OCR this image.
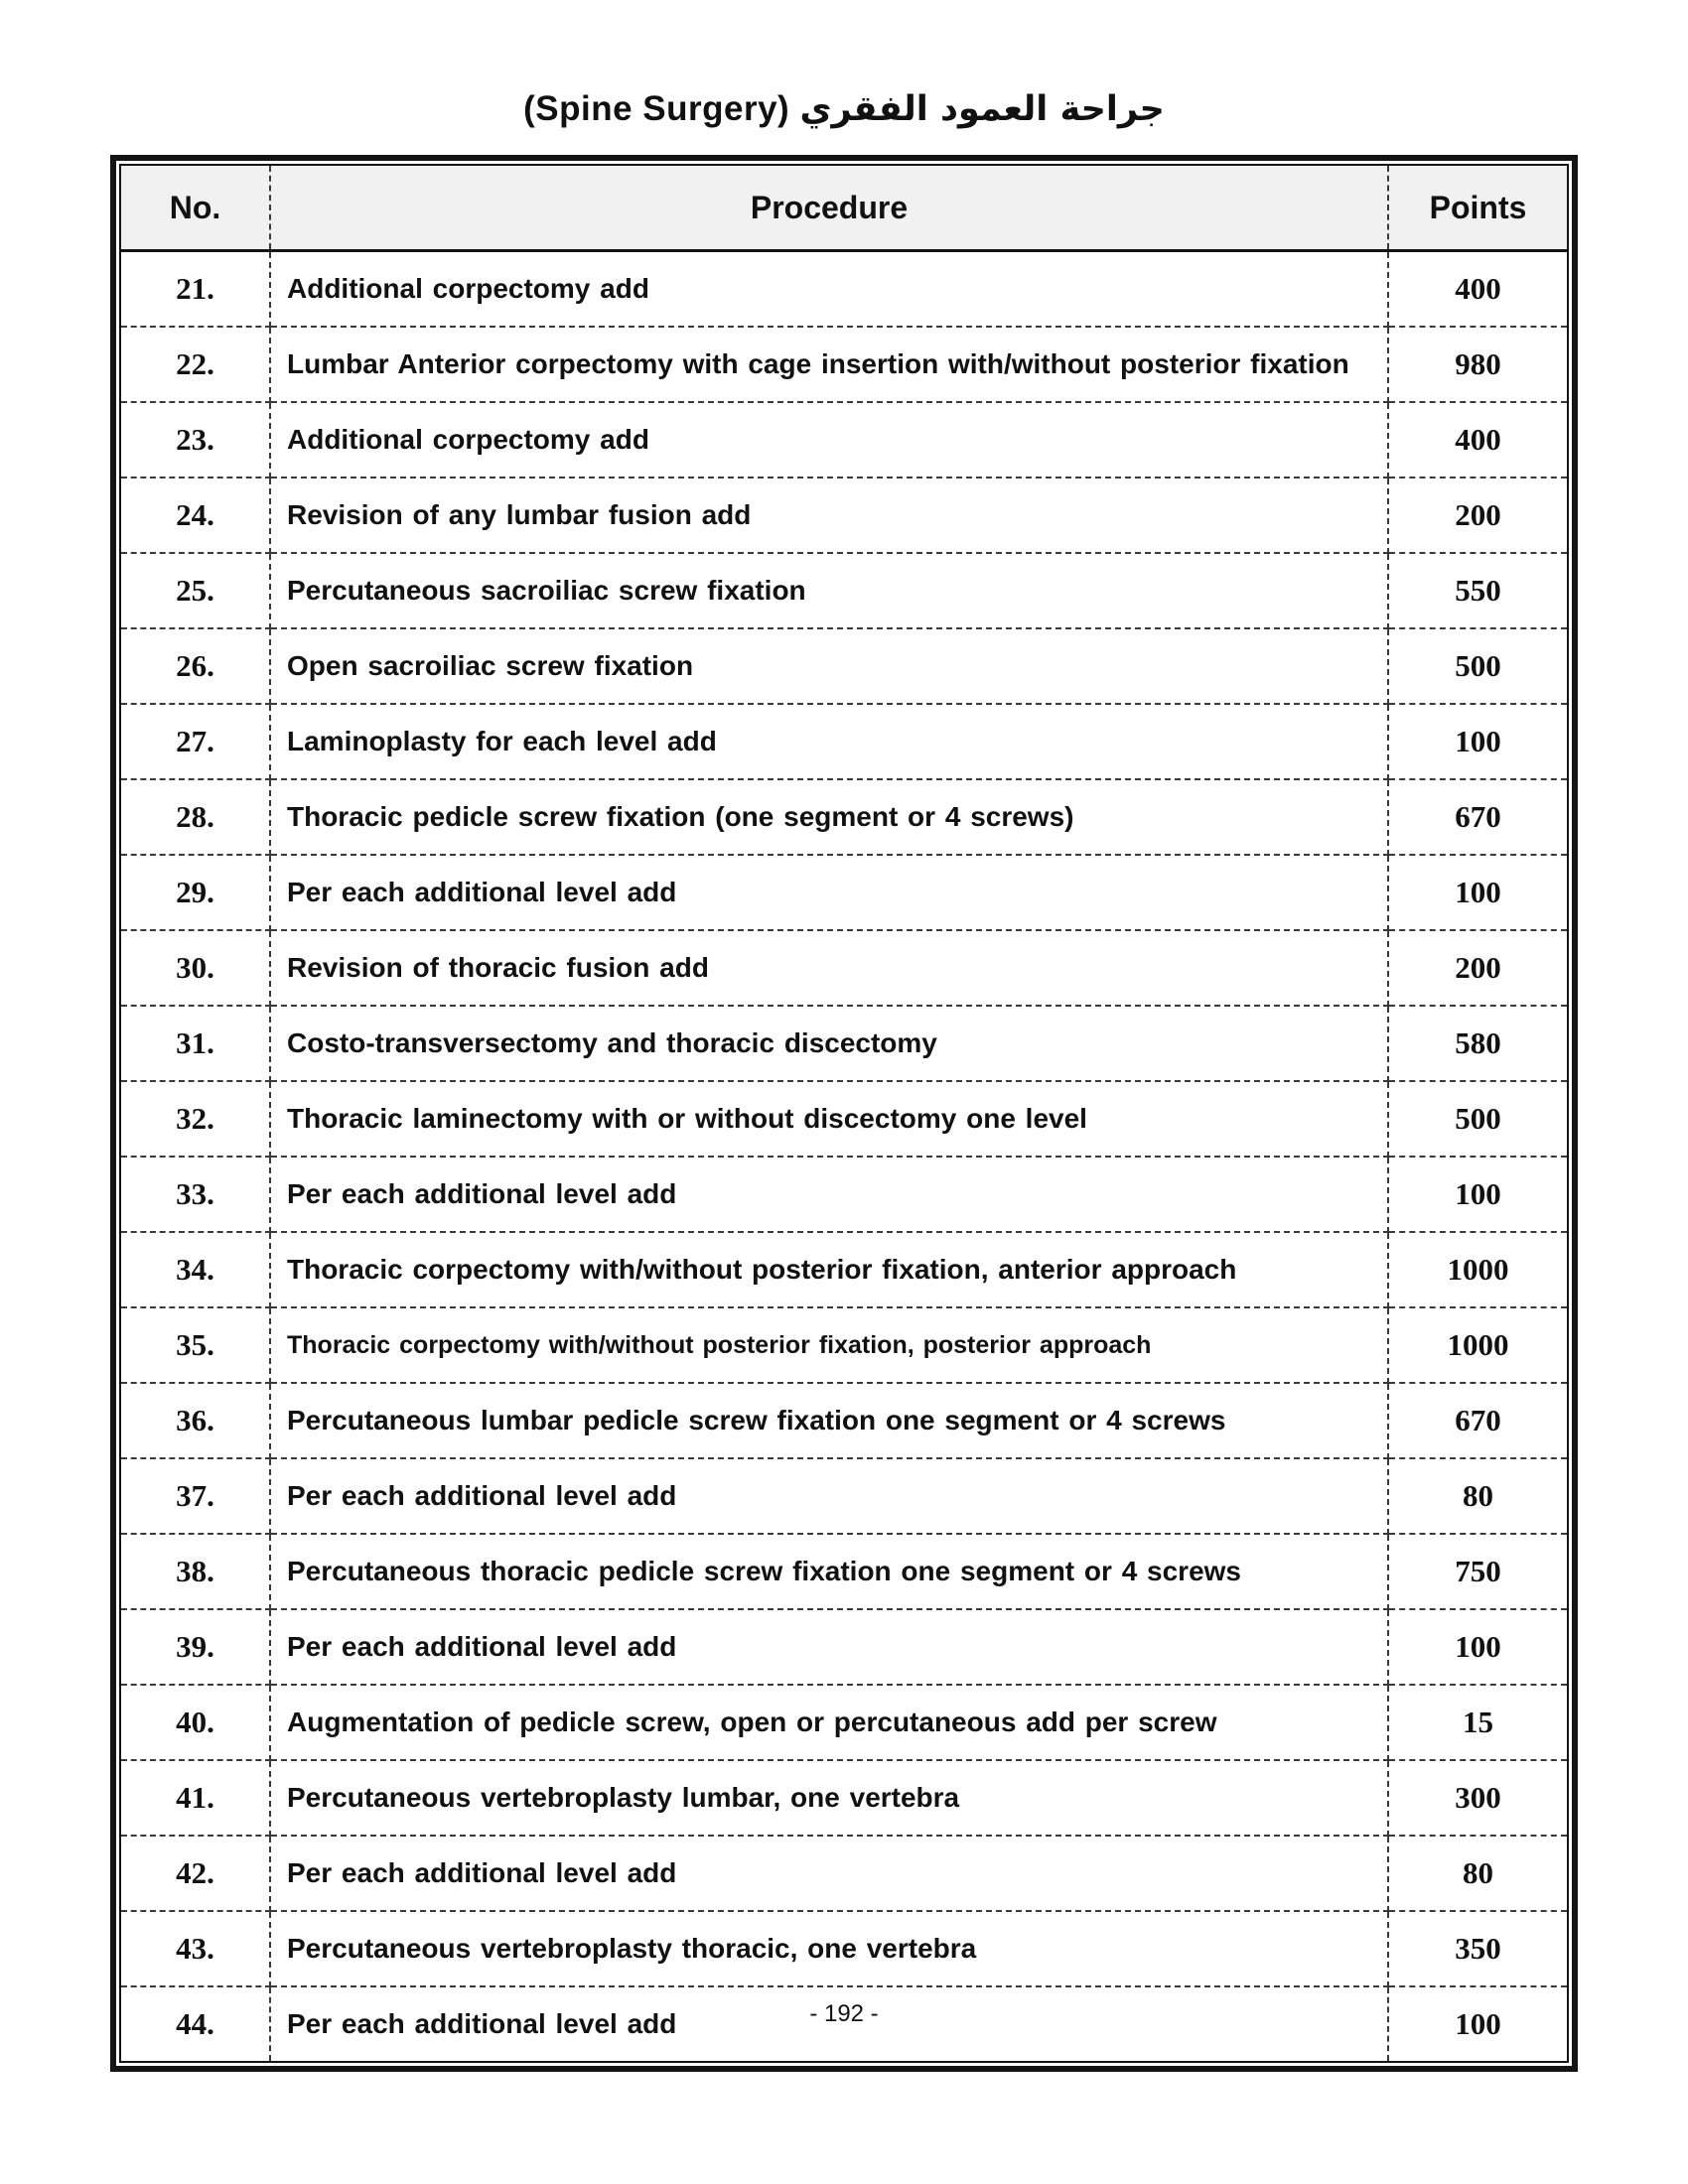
(Spine Surgery) جراحة العمود الفقري
No.	Procedure	Points
21.	Additional corpectomy add	400
22.	Lumbar Anterior corpectomy with cage insertion with/without posterior fixation	980
23.	Additional corpectomy add	400
24.	Revision of any lumbar fusion add	200
25.	Percutaneous sacroiliac screw fixation	550
26.	Open sacroiliac screw fixation	500
27.	Laminoplasty for each level add	100
28.	Thoracic pedicle screw fixation (one segment or 4 screws)	670
29.	Per each additional level add	100
30.	Revision of thoracic fusion add	200
31.	Costo-transversectomy and thoracic discectomy	580
32.	Thoracic laminectomy with or without discectomy one level	500
33.	Per each additional level add	100
34.	Thoracic corpectomy with/without posterior fixation, anterior approach	1000
35.	Thoracic corpectomy with/without posterior fixation, posterior approach	1000
36.	Percutaneous lumbar pedicle screw fixation one segment or 4 screws	670
37.	Per each additional level add	80
38.	Percutaneous thoracic pedicle screw fixation one segment or 4 screws	750
39.	Per each additional level add	100
40.	Augmentation of pedicle screw, open or percutaneous add per screw	15
41.	Percutaneous vertebroplasty lumbar, one vertebra	300
42.	Per each additional level add	80
43.	Percutaneous vertebroplasty thoracic, one vertebra	350
44.	Per each additional level add	100
- 192 -
